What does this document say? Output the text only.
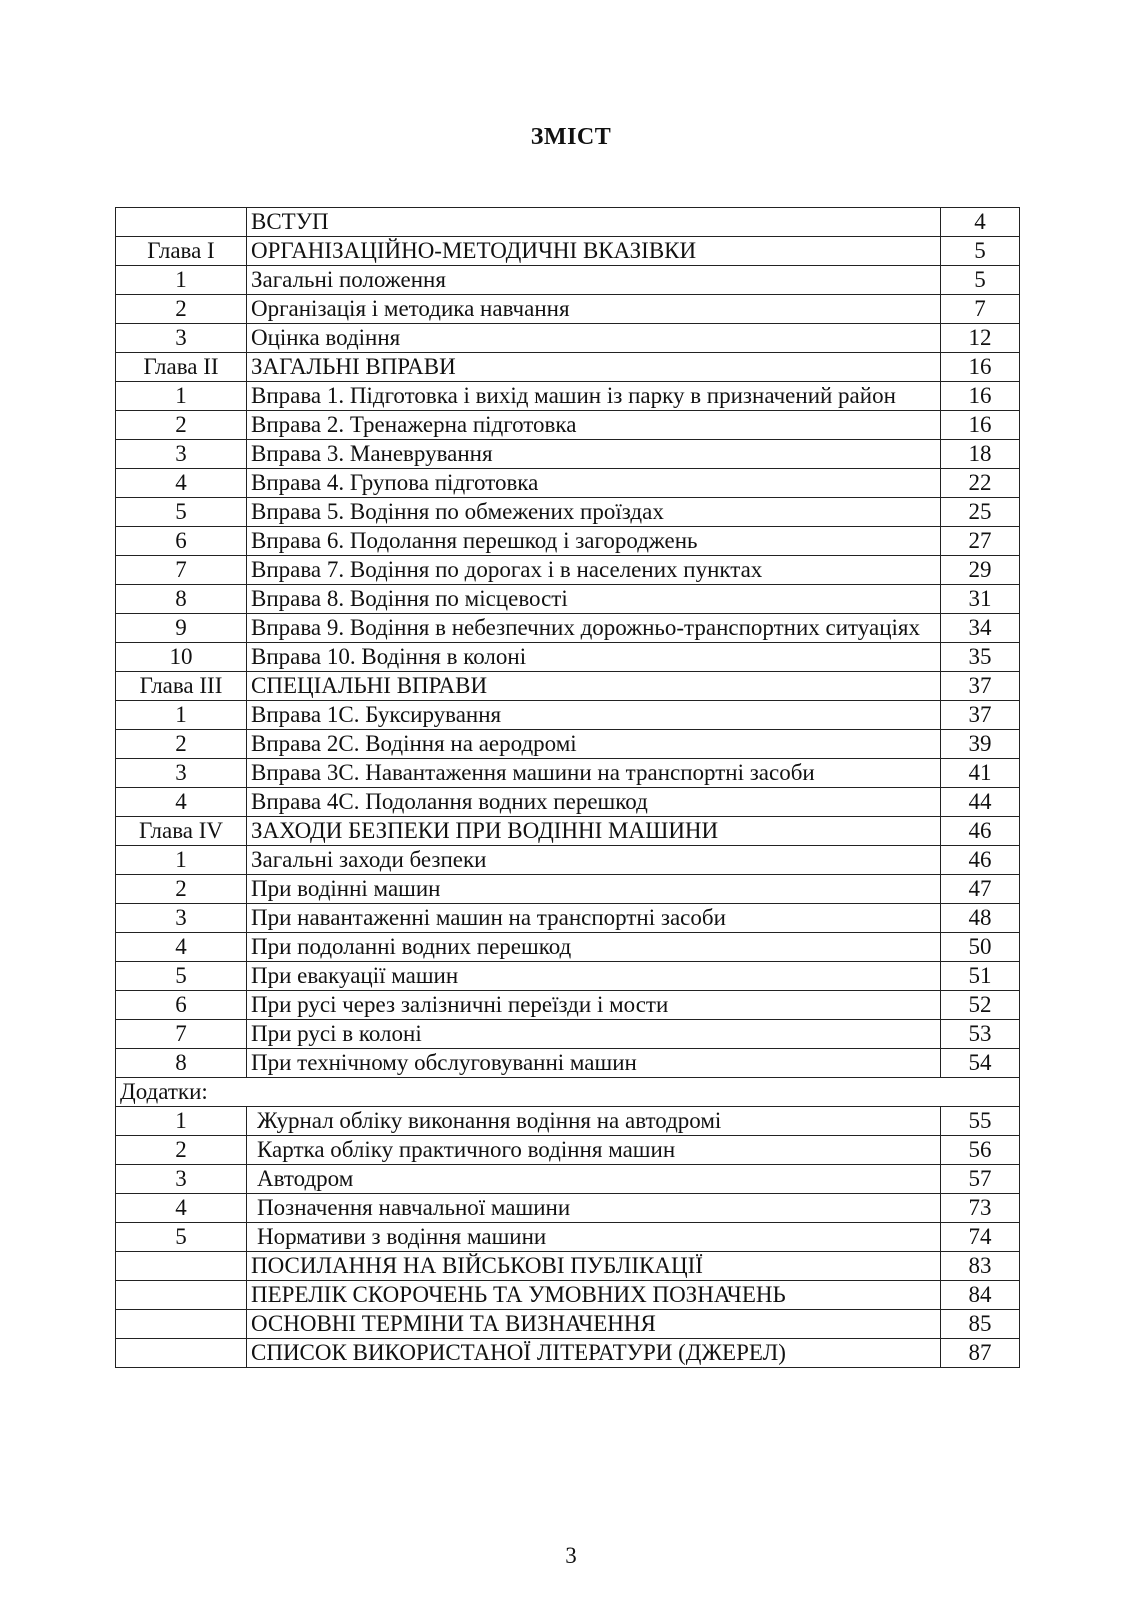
ЗМІСТ
	ВСТУП	4
Глава I	ОРГАНІЗАЦІЙНО-МЕТОДИЧНІ ВКАЗІВКИ	5
1	Загальні положення	5
2	Організація і методика навчання	7
3	Оцінка водіння	12
Глава II	ЗАГАЛЬНІ ВПРАВИ	16
1	Вправа 1. Підготовка і вихід машин із парку в призначений район	16
2	Вправа 2. Тренажерна підготовка	16
3	Вправа 3. Маневрування	18
4	Вправа 4. Групова підготовка	22
5	Вправа 5. Водіння по обмежених проїздах	25
6	Вправа 6. Подолання перешкод і загороджень	27
7	Вправа 7. Водіння по дорогах і в населених пунктах	29
8	Вправа 8. Водіння по місцевості	31
9	Вправа 9. Водіння в небезпечних дорожньо-транспортних ситуаціях	34
10	Вправа 10. Водіння в колоні	35
Глава III	СПЕЦІАЛЬНІ ВПРАВИ	37
1	Вправа 1С. Буксирування	37
2	Вправа 2С. Водіння на аеродромі	39
3	Вправа 3С. Навантаження машини на транспортні засоби	41
4	Вправа 4С. Подолання водних перешкод	44
Глава IV	ЗАХОДИ БЕЗПЕКИ ПРИ ВОДІННІ МАШИНИ	46
1	Загальні заходи безпеки	46
2	При водінні машин	47
3	При навантаженні машин на транспортні засоби	48
4	При подоланні водних перешкод	50
5	При евакуації машин	51
6	При русі через залізничні переїзди і мости	52
7	При русі в колоні	53
8	При технічному обслуговуванні машин	54
Додатки:		
1	Журнал обліку виконання водіння на автодромі	55
2	Картка обліку практичного водіння машин	56
3	Автодром	57
4	Позначення навчальної машини	73
5	Нормативи з водіння машини	74
	ПОСИЛАННЯ НА ВІЙСЬКОВІ ПУБЛІКАЦІЇ	83
	ПЕРЕЛІК СКОРОЧЕНЬ ТА УМОВНИХ ПОЗНАЧЕНЬ	84
	ОСНОВНІ ТЕРМІНИ ТА ВИЗНАЧЕННЯ	85
	СПИСОК ВИКОРИСТАНОЇ ЛІТЕРАТУРИ (ДЖЕРЕЛ)	87
3
